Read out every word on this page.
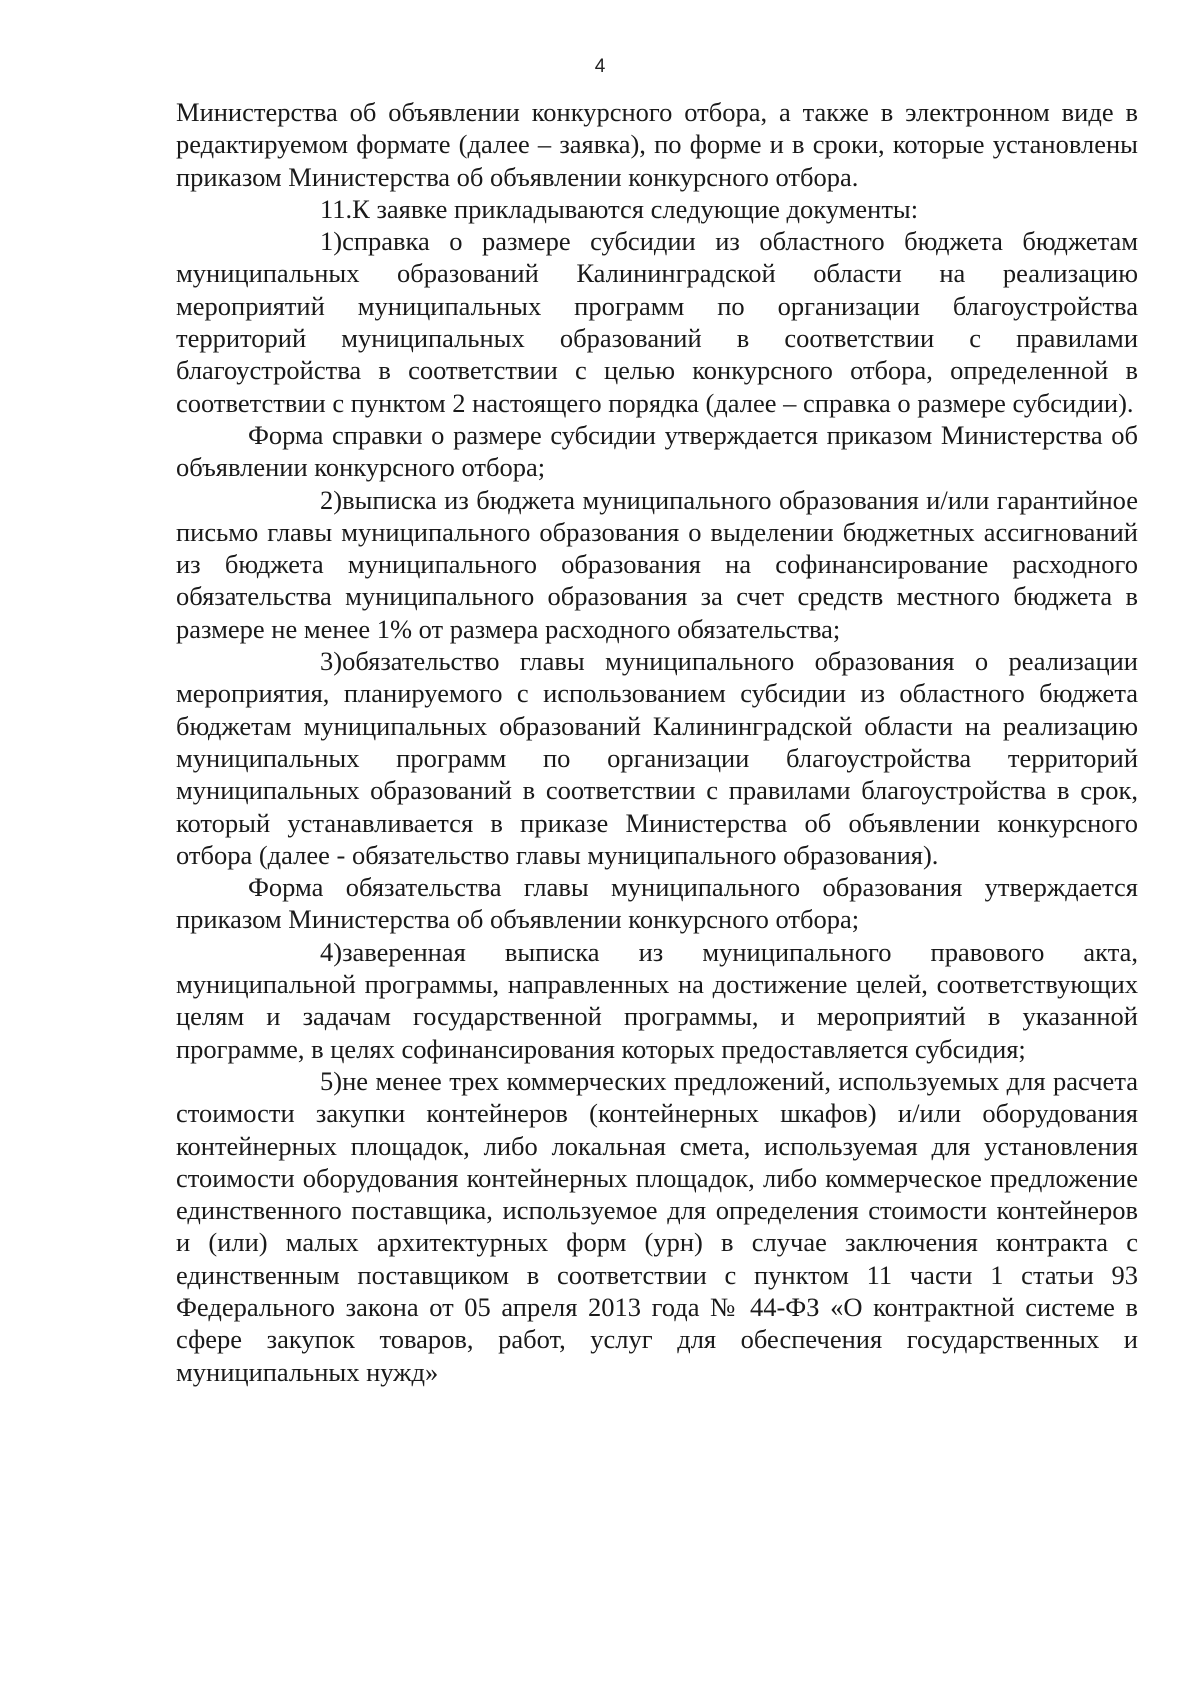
4

Министерства об объявлении конкурсного отбора, а также в электронном виде в редактируемом формате (далее – заявка), по форме и в сроки, которые установлены приказом Министерства об объявлении конкурсного отбора.

11.К заявке прикладываются следующие документы:

1)справка о размере субсидии из областного бюджета бюджетам муниципальных образований Калининградской области на реализацию мероприятий муниципальных программ по организации благоустройства территорий муниципальных образований в соответствии с правилами благоустройства в соответствии с целью конкурсного отбора, определенной в соответствии с пунктом 2 настоящего порядка (далее – справка о размере субсидии).

Форма справки о размере субсидии утверждается приказом Министерства об объявлении конкурсного отбора;

2)выписка из бюджета муниципального образования и/или гарантийное письмо главы муниципального образования о выделении бюджетных ассигнований из бюджета муниципального образования на софинансирование расходного обязательства муниципального образования за счет средств местного бюджета в размере не менее 1% от размера расходного обязательства;

3)обязательство главы муниципального образования о реализации мероприятия, планируемого с использованием субсидии из областного бюджета бюджетам муниципальных образований Калининградской области на реализацию муниципальных программ по организации благоустройства территорий муниципальных образований в соответствии с правилами благоустройства в срок, который устанавливается в приказе Министерства об объявлении конкурсного отбора (далее - обязательство главы муниципального образования).

Форма обязательства главы муниципального образования утверждается приказом Министерства об объявлении конкурсного отбора;

4)заверенная выписка из муниципального правового акта, муниципальной программы, направленных на достижение целей, соответствующих целям и задачам государственной программы, и мероприятий в указанной программе, в целях софинансирования которых предоставляется субсидия;

5)не менее трех коммерческих предложений, используемых для расчета стоимости закупки контейнеров (контейнерных шкафов) и/или оборудования контейнерных площадок, либо локальная смета, используемая для установления стоимости оборудования контейнерных площадок, либо коммерческое предложение единственного поставщика, используемое для определения стоимости контейнеров и (или) малых архитектурных форм (урн) в случае заключения контракта с единственным поставщиком в соответствии с пунктом 11 части 1 статьи 93 Федерального закона от 05 апреля 2013 года № 44-ФЗ «О контрактной системе в сфере закупок товаров, работ, услуг для обеспечения государственных и муниципальных нужд»
